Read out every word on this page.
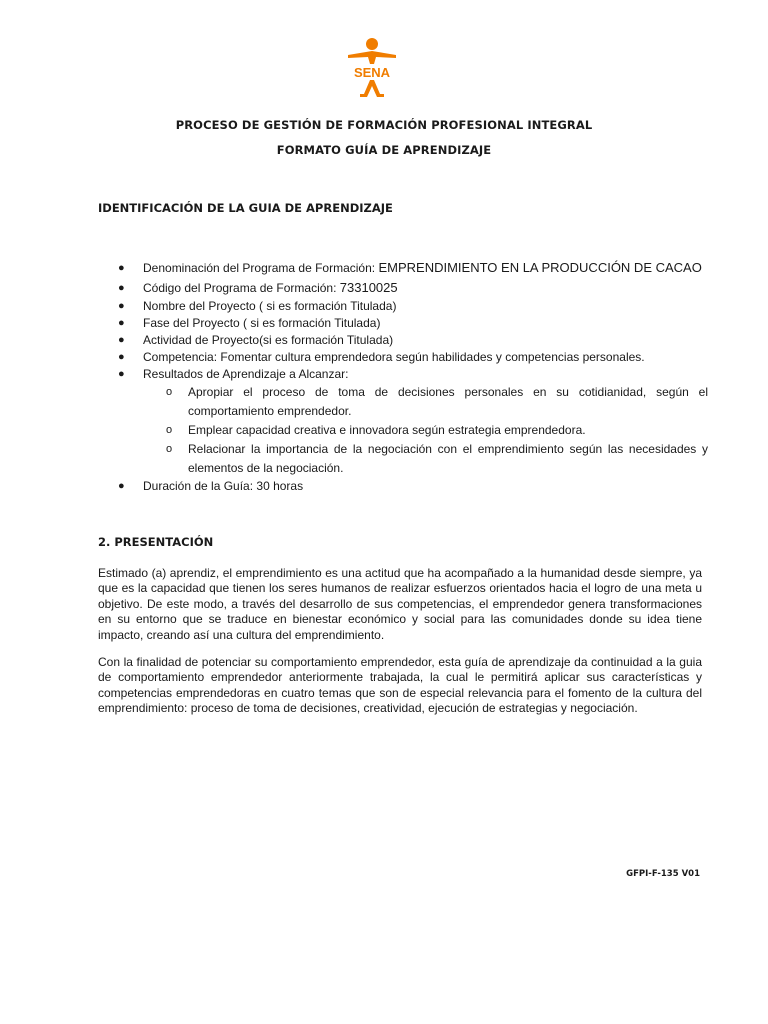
SENA
PROCESO DE GESTIÓN DE FORMACIÓN PROFESIONAL INTEGRAL
FORMATO GUÍA DE APRENDIZAJE
IDENTIFICACIÓN DE LA GUIA DE APRENDIZAJE
● Denominación del Programa de Formación: EMPRENDIMIENTO EN LA PRODUCCIÓN DE CACAO
● Código del Programa de Formación: 73310025
● Nombre del Proyecto ( si es formación Titulada)
● Fase del Proyecto ( si es formación Titulada)
● Actividad de Proyecto(si es formación Titulada)
● Competencia: Fomentar cultura emprendedora según habilidades y competencias personales.
● Resultados de Aprendizaje a Alcanzar:
o Apropiar el proceso de toma de decisiones personales en su cotidianidad, según el comportamiento emprendedor.
o Emplear capacidad creativa e innovadora según estrategia emprendedora.
o Relacionar la importancia de la negociación con el emprendimiento según las necesidades y elementos de la negociación.
● Duración de la Guía: 30 horas
2. PRESENTACIÓN
Estimado (a) aprendiz, el emprendimiento es una actitud que ha acompañado a la humanidad desde siempre, ya que es la capacidad que tienen los seres humanos de realizar esfuerzos orientados hacia el logro de una meta u objetivo. De este modo, a través del desarrollo de sus competencias, el emprendedor genera transformaciones en su entorno que se traduce en bienestar económico y social para las comunidades donde su idea tiene impacto, creando así una cultura del emprendimiento.
Con la finalidad de potenciar su comportamiento emprendedor, esta guía de aprendizaje da continuidad a la guia de comportamiento emprendedor anteriormente trabajada, la cual le permitirá aplicar sus características y competencias emprendedoras en cuatro temas que son de especial relevancia para el fomento de la cultura del emprendimiento: proceso de toma de decisiones, creatividad, ejecución de estrategias y negociación.
GFPI-F-135 V01
